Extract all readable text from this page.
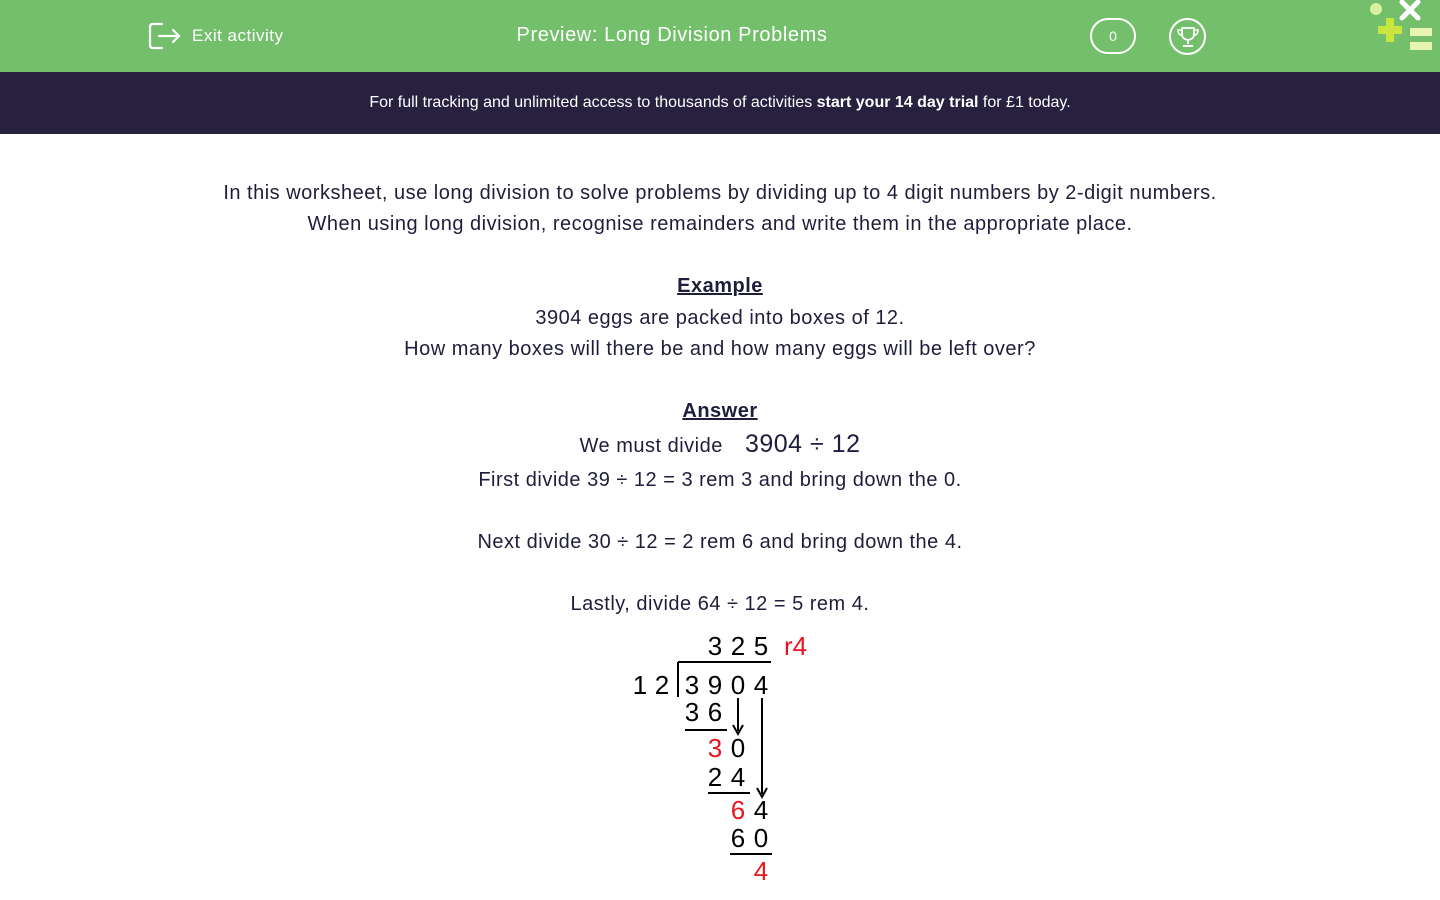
Exit activity	Preview: Long Division Problems	0
For full tracking and unlimited access to thousands of activities start your 14 day trial for £1 today.
In this worksheet, use long division to solve problems by dividing up to 4 digit numbers by 2-digit numbers.
When using long division, recognise remainders and write them in the appropriate place.
Example
3904 eggs are packed into boxes of 12.
How many boxes will there be and how many eggs will be left over?
Answer
We must divide 3904 ÷ 12
First divide 39 ÷ 12 = 3 rem 3 and bring down the 0.
Next divide 30 ÷ 12 = 2 rem 6 and bring down the 4.
Lastly, divide 64 ÷ 12 = 5 rem 4.
3 2 5 r4
1 2 3 9 0 4
3 6
3 0
2 4
6 4
6 0
4
